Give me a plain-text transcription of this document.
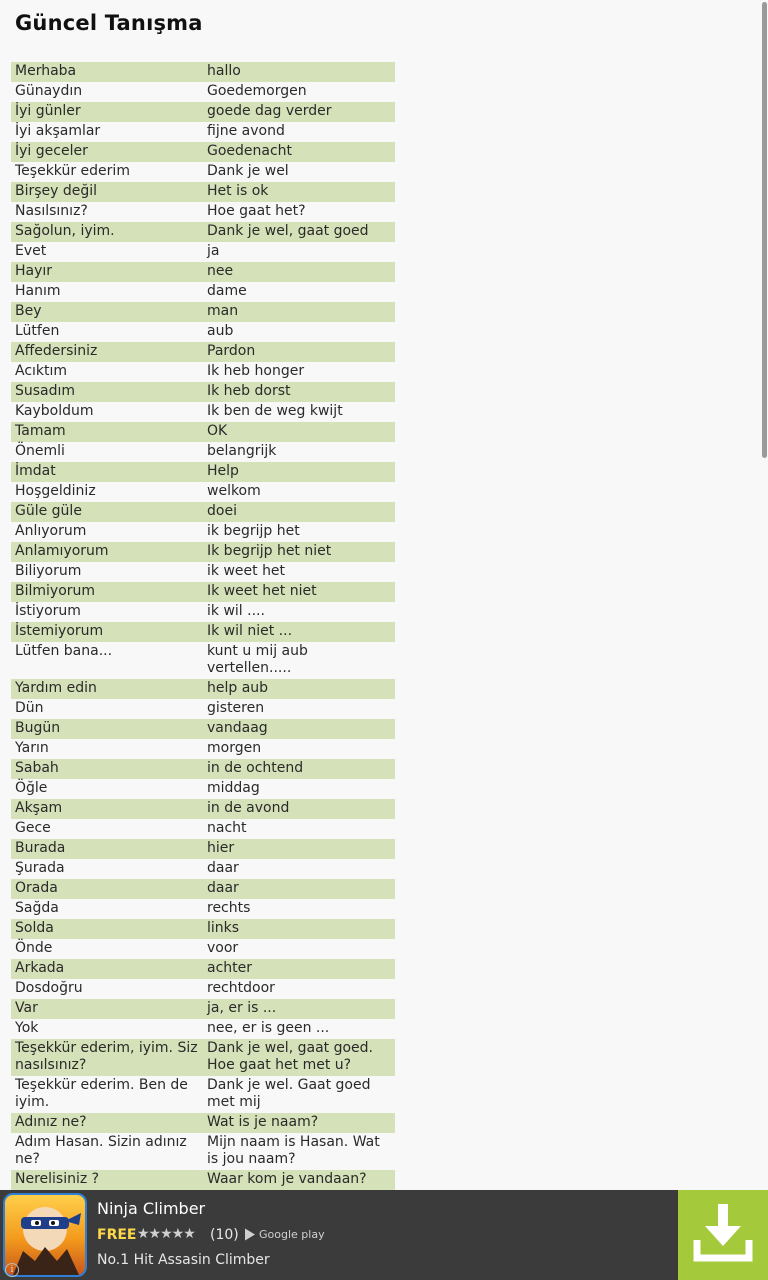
Güncel Tanışma
Merhaba	hallo
Günaydın	Goedemorgen
İyi günler	goede dag verder
İyi akşamlar	fijne avond
İyi geceler	Goedenacht
Teşekkür ederim	Dank je wel
Birşey değil	Het is ok
Nasılsınız?	Hoe gaat het?
Sağolun, iyim.	Dank je wel, gaat goed
Evet	ja
Hayır	nee
Hanım	dame
Bey	man
Lütfen	aub
Affedersiniz	Pardon
Acıktım	Ik heb honger
Susadım	Ik heb dorst
Kayboldum	Ik ben de weg kwijt
Tamam	OK
Önemli	belangrijk
İmdat	Help
Hoşgeldiniz	welkom
Güle güle	doei
Anlıyorum	ik begrijp het
Anlamıyorum	Ik begrijp het niet
Biliyorum	ik weet het
Bilmiyorum	Ik weet het niet
İstiyorum	ik wil ....
İstemiyorum	Ik wil niet ...
Lütfen bana...	kunt u mij aub vertellen.....
Yardım edin	help aub
Dün	gisteren
Bugün	vandaag
Yarın	morgen
Sabah	in de ochtend
Öğle	middag
Akşam	in de avond
Gece	nacht
Burada	hier
Şurada	daar
Orada	daar
Sağda	rechts
Solda	links
Önde	voor
Arkada	achter
Dosdoğru	rechtdoor
Var	ja, er is ...
Yok	nee, er is geen ...
Teşekkür ederim, iyim. Siz nasılsınız?	Dank je wel, gaat goed. Hoe gaat het met u?
Teşekkür ederim. Ben de iyim.	Dank je wel. Gaat goed met mij
Adınız ne?	Wat is je naam?
Adım Hasan. Sizin adınız ne?	Mijn naam is Hasan. Wat is jou naam?
Nerelisiniz ?	Waar kom je vandaan?

i
Ninja Climber
FREE ★★★★★ (10) Google play
No.1 Hit Assasin Climber
